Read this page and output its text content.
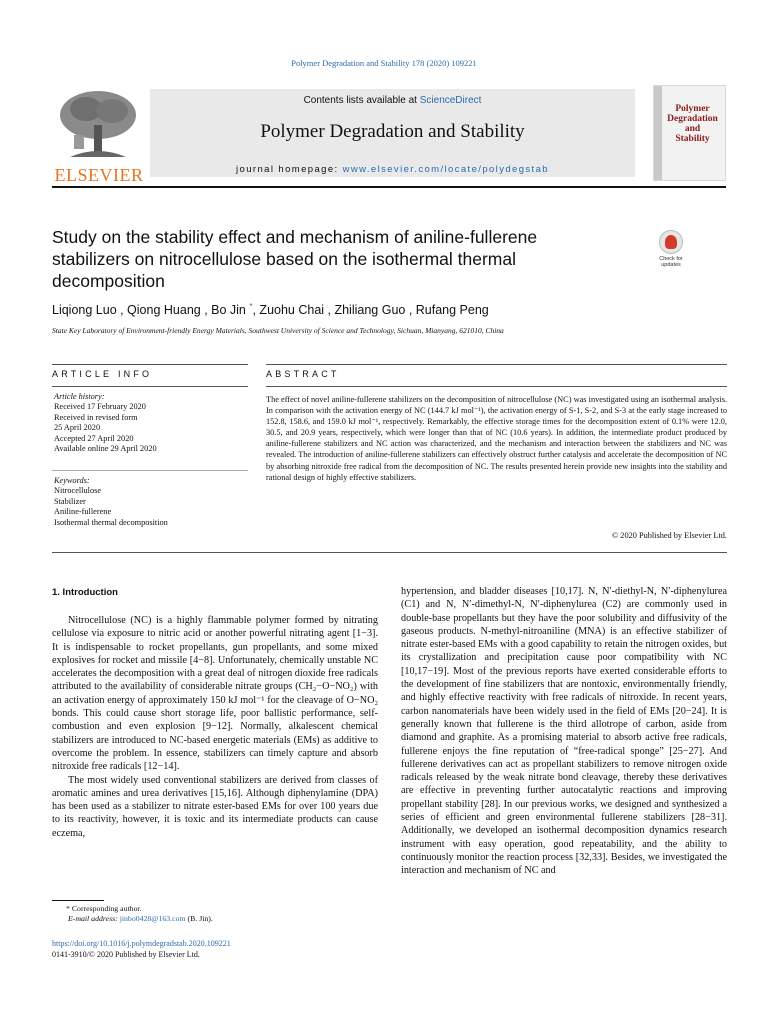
Polymer Degradation and Stability 178 (2020) 109221
ELSEVIER
Contents lists available at ScienceDirect
Polymer Degradation and Stability
journal homepage: www.elsevier.com/locate/polydegstab
Polymer
Degradation
and
Stability
Study on the stability effect and mechanism of aniline-fullerene stabilizers on nitrocellulose based on the isothermal thermal decomposition
Check for updates
Liqiong Luo , Qiong Huang , Bo Jin *, Zuohu Chai , Zhiliang Guo , Rufang Peng
State Key Laboratory of Environment-friendly Energy Materials, Southwest University of Science and Technology, Sichuan, Mianyang, 621010, China
ARTICLE INFO	ABSTRACT
Article history:
Received 17 February 2020
Received in revised form
25 April 2020
Accepted 27 April 2020
Available online 29 April 2020
Keywords:
Nitrocellulose
Stabilizer
Aniline-fullerene
Isothermal thermal decomposition
The effect of novel aniline-fullerene stabilizers on the decomposition of nitrocellulose (NC) was investigated using an isothermal analysis. In comparison with the activation energy of NC (144.7 kJ mol⁻¹), the activation energy of S-1, S-2, and S-3 at the early stage increased to 152.8, 158.6, and 159.0 kJ mol⁻¹, respectively. Remarkably, the effective storage times for the decomposition extent of 0.1% were 12.0, 30.5, and 20.9 years, respectively, which were longer than that of NC (10.6 years). In addition, the intermediate product produced by aniline-fullerene stabilizers and NC action was characterized, and the mechanism and interaction between the stabilizers and NC was revealed. The introduction of aniline-fullerene stabilizers can effectively obstruct further catalysis and accelerate the decomposition of NC by absorbing nitroxide free radical from the decomposition of NC. The results presented herein provide new insights into the stability and rational design of highly effective stabilizers.
© 2020 Published by Elsevier Ltd.
1. Introduction

Nitrocellulose (NC) is a highly flammable polymer formed by nitrating cellulose via exposure to nitric acid or another powerful nitrating agent [1−3]. It is indispensable to rocket propellants, gun propellants, and some mixed explosives for rocket and missile [4−8]. Unfortunately, chemically unstable NC accelerates the decomposition with a great deal of nitrogen dioxide free radicals attributed to the availability of considerable nitrate groups (CH₂−O−NO₂) with an activation energy of approximately 150 kJ mol⁻¹ for the cleavage of O−NO₂ bonds. This could cause short storage life, poor ballistic performance, self-combustion and even explosion [9−12]. Normally, alkalescent chemical stabilizers are introduced to NC-based energetic materials (EMs) as additive to overcome the problem. In essence, stabilizers can timely capture and absorb nitroxide free radicals [12−14].

The most widely used conventional stabilizers are derived from classes of aromatic amines and urea derivatives [15,16]. Although diphenylamine (DPA) has been used as a stabilizer to nitrate ester-based EMs for over 100 years due to its reactivity, however, it is toxic and its intermediate products can cause eczema,

hypertension, and bladder diseases [10,17]. N, N′-diethyl-N, N′-diphenylurea (C1) and N, N′-dimethyl-N, N′-diphenylurea (C2) are commonly used in double-base propellants but they have the poor solubility and diffusivity of the gaseous products. N-methyl-nitroaniline (MNA) is an effective stabilizer of nitrate ester-based EMs with a good capability to retain the nitrogen oxides, but its crystallization and precipitation cause poor compatibility with NC [10,17−19]. Most of the previous reports have exerted considerable efforts to the development of fine stabilizers that are nontoxic, environmentally friendly, and highly effective reactivity with free radicals of nitroxide. In recent years, carbon nanomaterials have been widely used in the field of EMs [20−24]. It is generally known that fullerene is the third allotrope of carbon, aside from diamond and graphite. As a promising material to absorb active free radicals, fullerene enjoys the fine reputation of “free-radical sponge” [25−27]. And fullerene derivatives can act as propellant stabilizers to remove nitrogen oxide radicals released by the weak nitrate bond cleavage, thereby these derivatives are effective in preventing further autocatalytic reactions and improving propellant stability [28]. In our previous works, we designed and synthesized a series of efficient and green environmental fullerene stabilizers [28−31]. Additionally, we developed an isothermal decomposition dynamics research instrument with easy operation, good repeatability, and the ability to continuously monitor the reaction process [32,33]. Besides, we investigated the interaction and mechanism of NC and

* Corresponding author.
E-mail address: jinbo0428@163.com (B. Jin).
https://doi.org/10.1016/j.polymdegradstab.2020.109221
0141-3910/© 2020 Published by Elsevier Ltd.
